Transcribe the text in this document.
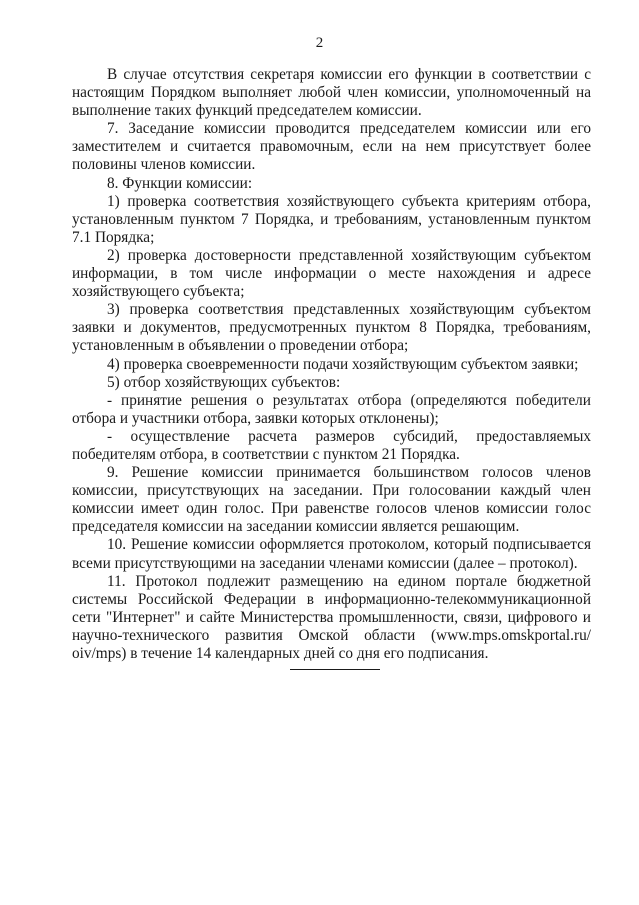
2

В случае отсутствия секретаря комиссии его функции в соответствии с настоящим Порядком выполняет любой член комиссии, уполномоченный на выполнение таких функций председателем комиссии.

7. Заседание комиссии проводится председателем комиссии или его заместителем и считается правомочным, если на нем присутствует более половины членов комиссии.

8. Функции комиссии:

1) проверка соответствия хозяйствующего субъекта критериям отбора, установленным пунктом 7 Порядка, и требованиям, установленным пунктом 7.1 Порядка;

2) проверка достоверности представленной хозяйствующим субъектом информации, в том числе информации о месте нахождения и адресе хозяйствующего субъекта;

3) проверка соответствия представленных хозяйствующим субъектом заявки и документов, предусмотренных пунктом 8 Порядка, требованиям, установленным в объявлении о проведении отбора;

4) проверка своевременности подачи хозяйствующим субъектом заявки;

5) отбор хозяйствующих субъектов:

- принятие решения о результатах отбора (определяются победители отбора и участники отбора, заявки которых отклонены);

- осуществление расчета размеров субсидий, предоставляемых победителям отбора, в соответствии с пунктом 21 Порядка.

9. Решение комиссии принимается большинством голосов членов комиссии, присутствующих на заседании. При голосовании каждый член комиссии имеет один голос. При равенстве голосов членов комиссии голос председателя комиссии на заседании комиссии является решающим.

10. Решение комиссии оформляется протоколом, который подписывается всеми присутствующими на заседании членами комиссии (далее – протокол).

11. Протокол подлежит размещению на едином портале бюджетной системы Российской Федерации в информационно-телекоммуникационной сети "Интернет" и сайте Министерства промышленности, связи, цифрового и научно-технического развития Омской области (www.mps.omskportal.ru/ oiv/mps) в течение 14 календарных дней со дня его подписания.
